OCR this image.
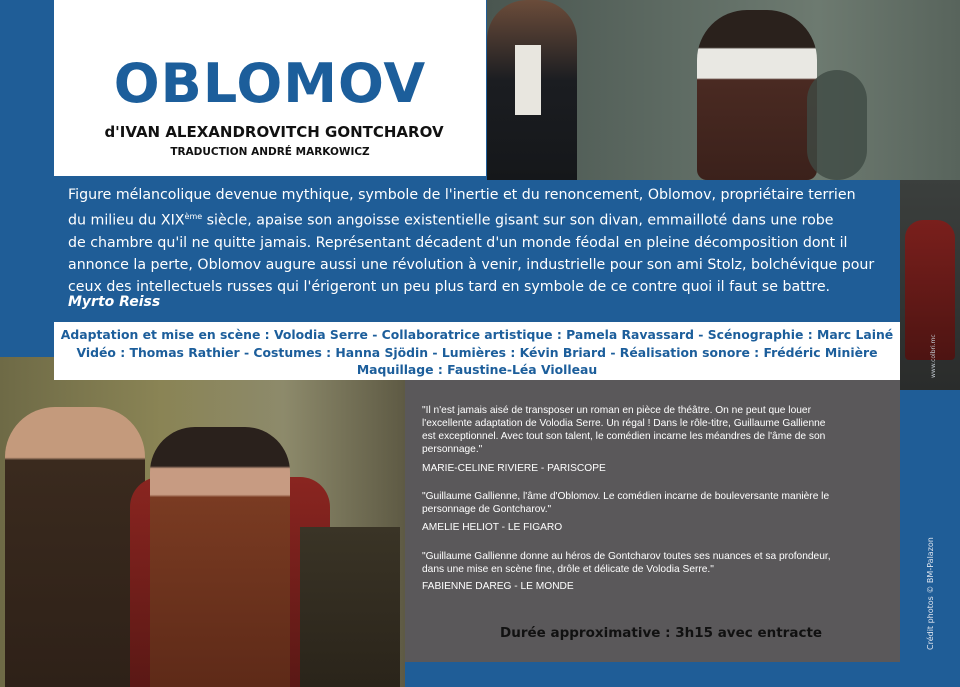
OBLOMOV
d'IVAN ALEXANDROVITCH GONTCHAROV
TRADUCTION ANDRÉ MARKOWICZ
Figure mélancolique devenue mythique, symbole de l'inertie et du renoncement, Oblomov, propriétaire terrien
du milieu du XIXème siècle, apaise son angoisse existentielle gisant sur son divan, emmailloté dans une robe
de chambre qu'il ne quitte jamais. Représentant décadent d'un monde féodal en pleine décomposition dont il
annonce la perte, Oblomov augure aussi une révolution à venir, industrielle pour son ami Stolz, bolchévique pour
ceux des intellectuels russes qui l'érigeront un peu plus tard en symbole de ce contre quoi il faut se battre.
Myrto Reiss
Adaptation et mise en scène : Volodia Serre - Collaboratrice artistique : Pamela Ravassard - Scénographie : Marc Lainé
Vidéo : Thomas Rathier - Costumes : Hanna Sjödin - Lumières : Kévin Briard - Réalisation sonore : Frédéric Minière
Maquillage : Faustine-Léa Violleau
"Il n'est jamais aisé de transposer un roman en pièce de théâtre. On ne peut que louer
l'excellente adaptation de Volodia Serre. Un régal ! Dans le rôle-titre, Guillaume Gallienne
est exceptionnel. Avec tout son talent, le comédien incarne les méandres de l'âme de son
personnage."
MARIE-CELINE RIVIERE - PARISCOPE
"Guillaume Gallienne, l'âme d'Oblomov. Le comédien incarne de bouleversante manière le
personnage de Gontcharov."
AMELIE HELIOT - LE FIGARO
"Guillaume Gallienne donne au héros de Gontcharov toutes ses nuances et sa profondeur,
dans une mise en scène fine, drôle et délicate de Volodia Serre."
FABIENNE DAREG - LE MONDE
Durée approximative : 3h15 avec entracte
www.colbri.mc
Crédit photos © BM-Palazon
